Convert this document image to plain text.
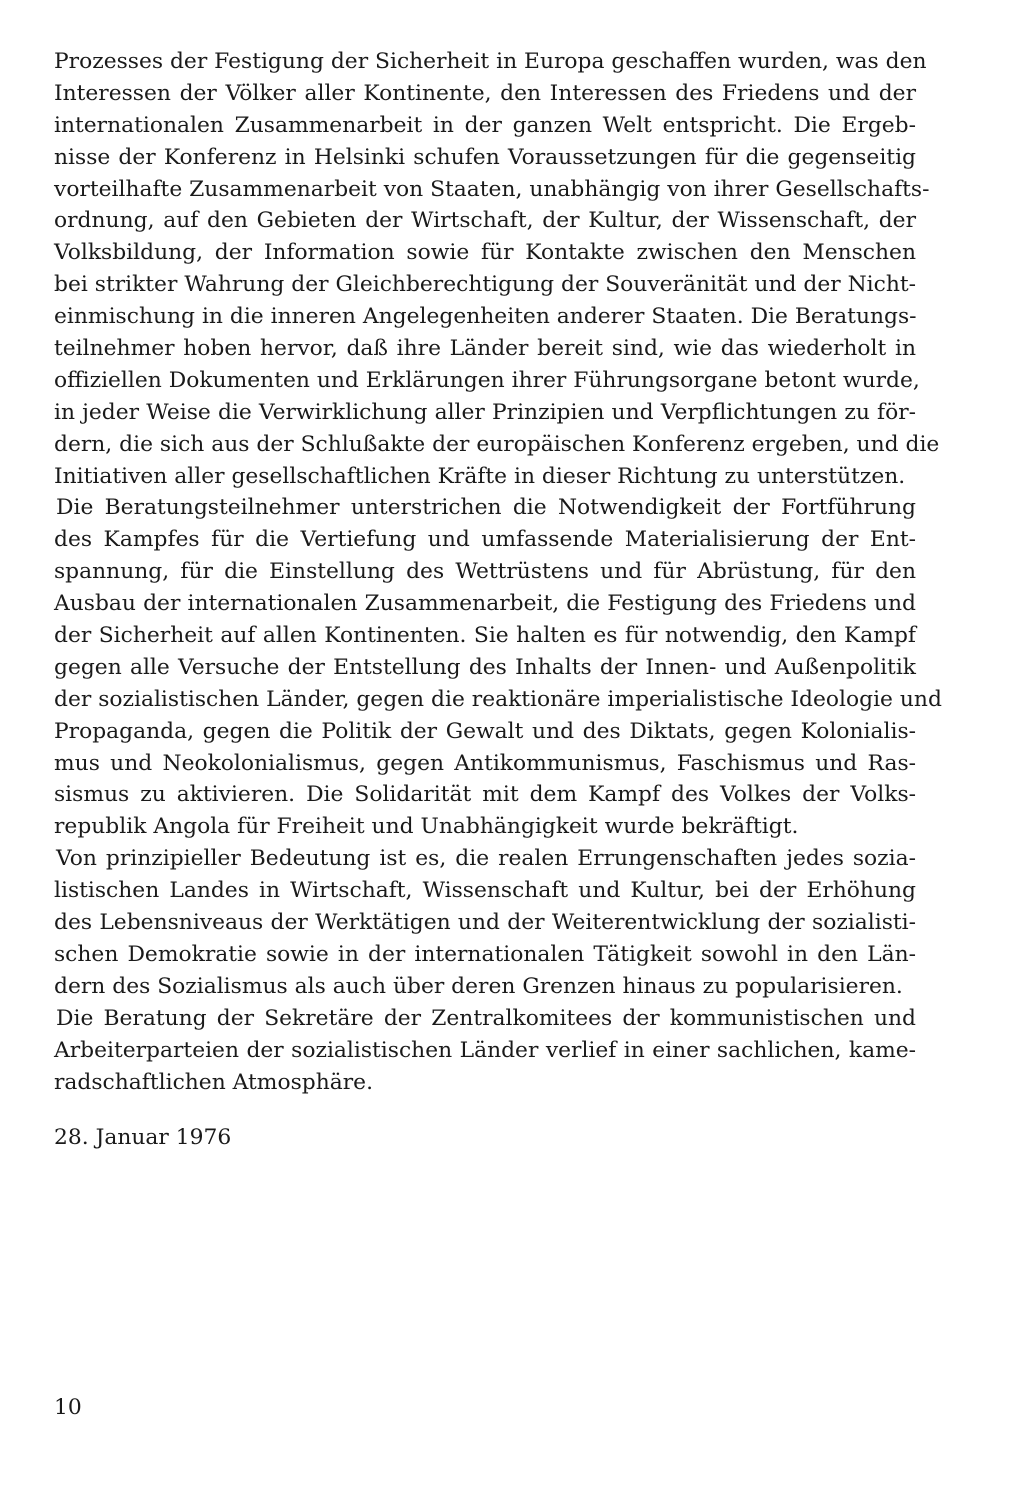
Prozesses der Festigung der Sicherheit in Europa geschaffen wurden, was den
Interessen der Völker aller Kontinente, den Interessen des Friedens und der
internationalen Zusammenarbeit in der ganzen Welt entspricht. Die Ergeb-
nisse der Konferenz in Helsinki schufen Voraussetzungen für die gegenseitig
vorteilhafte Zusammenarbeit von Staaten, unabhängig von ihrer Gesellschafts-
ordnung, auf den Gebieten der Wirtschaft, der Kultur, der Wissenschaft, der
Volksbildung, der Information sowie für Kontakte zwischen den Menschen
bei strikter Wahrung der Gleichberechtigung der Souveränität und der Nicht-
einmischung in die inneren Angelegenheiten anderer Staaten. Die Beratungs-
teilnehmer hoben hervor, daß ihre Länder bereit sind, wie das wiederholt in
offiziellen Dokumenten und Erklärungen ihrer Führungsorgane betont wurde,
in jeder Weise die Verwirklichung aller Prinzipien und Verpflichtungen zu för-
dern, die sich aus der Schlußakte der europäischen Konferenz ergeben, und die
Initiativen aller gesellschaftlichen Kräfte in dieser Richtung zu unterstützen.
Die Beratungsteilnehmer unterstrichen die Notwendigkeit der Fortführung
des Kampfes für die Vertiefung und umfassende Materialisierung der Ent-
spannung, für die Einstellung des Wettrüstens und für Abrüstung, für den
Ausbau der internationalen Zusammenarbeit, die Festigung des Friedens und
der Sicherheit auf allen Kontinenten. Sie halten es für notwendig, den Kampf
gegen alle Versuche der Entstellung des Inhalts der Innen- und Außenpolitik
der sozialistischen Länder, gegen die reaktionäre imperialistische Ideologie und
Propaganda, gegen die Politik der Gewalt und des Diktats, gegen Kolonialis-
mus und Neokolonialismus, gegen Antikommunismus, Faschismus und Ras-
sismus zu aktivieren. Die Solidarität mit dem Kampf des Volkes der Volks-
republik Angola für Freiheit und Unabhängigkeit wurde bekräftigt.
Von prinzipieller Bedeutung ist es, die realen Errungenschaften jedes sozia-
listischen Landes in Wirtschaft, Wissenschaft und Kultur, bei der Erhöhung
des Lebensniveaus der Werktätigen und der Weiterentwicklung der sozialisti-
schen Demokratie sowie in der internationalen Tätigkeit sowohl in den Län-
dern des Sozialismus als auch über deren Grenzen hinaus zu popularisieren.
Die Beratung der Sekretäre der Zentralkomitees der kommunistischen und
Arbeiterparteien der sozialistischen Länder verlief in einer sachlichen, kame-
radschaftlichen Atmosphäre.
28. Januar 1976
10
